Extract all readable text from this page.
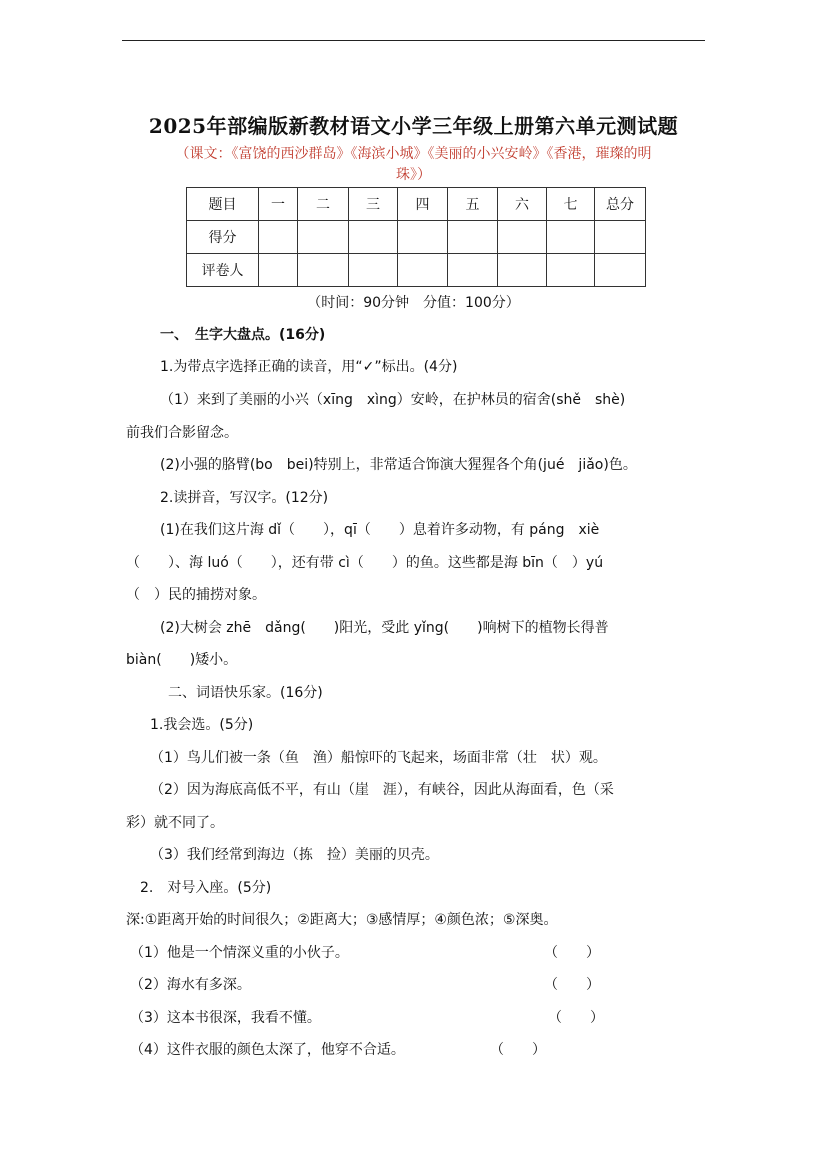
2025年部编版新教材语文小学三年级上册第六单元测试题
（课文：《富饶的西沙群岛》《海滨小城》《美丽的小兴安岭》《香港，璀璨的明
珠》）
题目	一	二	三	四	五	六	七	总分
得分								
评卷人								
（时间：90分钟　分值：100分）
一、　生字大盘点。(16分)
1.为带点字选择正确的读音，用“✓”标出。(4分)
（1）来到了美丽的小兴（xīng　xìng）安岭，在护林员的宿舍(shě　shè)
前我们合影留念。
(2)小强的胳臂(bo　bei)特别上，非常适合饰演大猩猩各个角(jué　jiǎo)色。
2.读拼音，写汉字。(12分)
(1)在我们这片海 dǐ（　　），qī（　　）息着许多动物，有 páng　xiè
（　　）、海 luó（　　），还有带 cì（　　）的鱼。这些都是海 bīn（　）yú
（　）民的捕捞对象。
(2)大树会 zhē　dǎng(　　)阳光，受此 yǐng(　　)响树下的植物长得普
biàn(　　)矮小。
二、词语快乐家。(16分)
1.我会选。(5分)
（1）鸟儿们被一条（鱼　渔）船惊吓的飞起来，场面非常（壮　状）观。
（2）因为海底高低不平，有山（崖　涯），有峡谷，因此从海面看，色（采
彩）就不同了。
（3）我们经常到海边（拣　捡）美丽的贝壳。
2.　对号入座。(5分)
深:①距离开始的时间很久；②距离大；③感情厚；④颜色浓；⑤深奥。
（1）他是一个情深义重的小伙子。	（　　）
（2）海水有多深。	（　　）
（3）这本书很深，我看不懂。	（　　）
（4）这件衣服的颜色太深了，他穿不合适。	（　　）
